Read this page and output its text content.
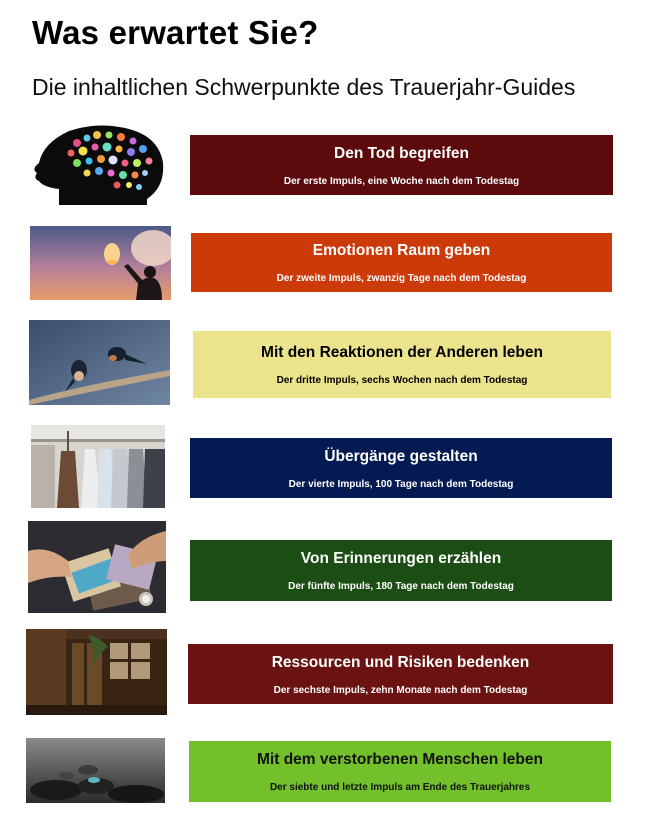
Was erwartet Sie?
Die inhaltlichen Schwerpunkte des Trauerjahr-Guides
Den Tod begreifen
Der erste Impuls, eine Woche nach dem Todestag
Emotionen Raum geben
Der zweite Impuls, zwanzig Tage nach dem Todestag
Mit den Reaktionen der Anderen leben
Der dritte Impuls, sechs Wochen nach dem Todestag
Übergänge gestalten
Der vierte Impuls, 100 Tage nach dem Todestag
Von Erinnerungen erzählen
Der fünfte Impuls, 180 Tage nach dem Todestag
Ressourcen und Risiken bedenken
Der sechste Impuls, zehn Monate nach dem Todestag
Mit dem verstorbenen Menschen leben
Der siebte und letzte Impuls am Ende des Trauerjahres
